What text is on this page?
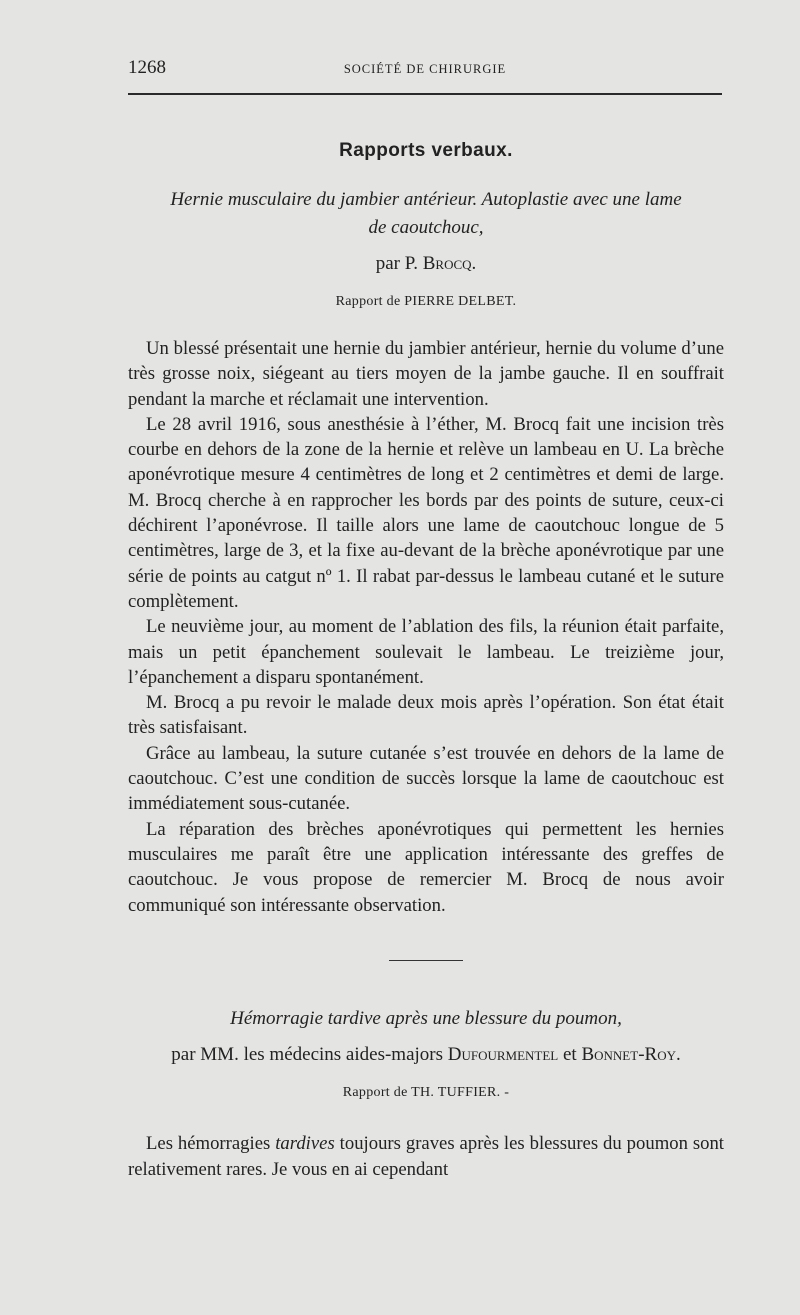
1268	SOCIÉTÉ DE CHIRURGIE
Rapports verbaux.
Hernie musculaire du jambier antérieur. Autoplastie avec une lame
de caoutchouc,
par P. Brocq.
Rapport de PIERRE DELBET.

Un blessé présentait une hernie du jambier antérieur, hernie du volume d’une très grosse noix, siégeant au tiers moyen de la jambe gauche. Il en souffrait pendant la marche et réclamait une intervention.

Le 28 avril 1916, sous anesthésie à l’éther, M. Brocq fait une incision très courbe en dehors de la zone de la hernie et relève un lambeau en U. La brèche aponévrotique mesure 4 centimètres de long et 2 centimètres et demi de large. M. Brocq cherche à en rapprocher les bords par des points de suture, ceux-ci déchirent l’aponévrose. Il taille alors une lame de caoutchouc longue de 5 centimètres, large de 3, et la fixe au-devant de la brèche aponévrotique par une série de points au catgut nº 1. Il rabat par-dessus le lambeau cutané et le suture complètement.

Le neuvième jour, au moment de l’ablation des fils, la réunion était parfaite, mais un petit épanchement soulevait le lambeau. Le treizième jour, l’épanchement a disparu spontanément.

M. Brocq a pu revoir le malade deux mois après l’opération. Son état était très satisfaisant.

Grâce au lambeau, la suture cutanée s’est trouvée en dehors de la lame de caoutchouc. C’est une condition de succès lorsque la lame de caoutchouc est immédiatement sous-cutanée.

La réparation des brèches aponévrotiques qui permettent les hernies musculaires me paraît être une application intéressante des greffes de caoutchouc. Je vous propose de remercier M. Brocq de nous avoir communiqué son intéressante observation.

Hémorragie tardive après une blessure du poumon,
par MM. les médecins aides-majors Dufourmentel et Bonnet-Roy.
Rapport de TH. TUFFIER. -

Les hémorragies tardives toujours graves après les blessures du poumon sont relativement rares. Je vous en ai cependant
